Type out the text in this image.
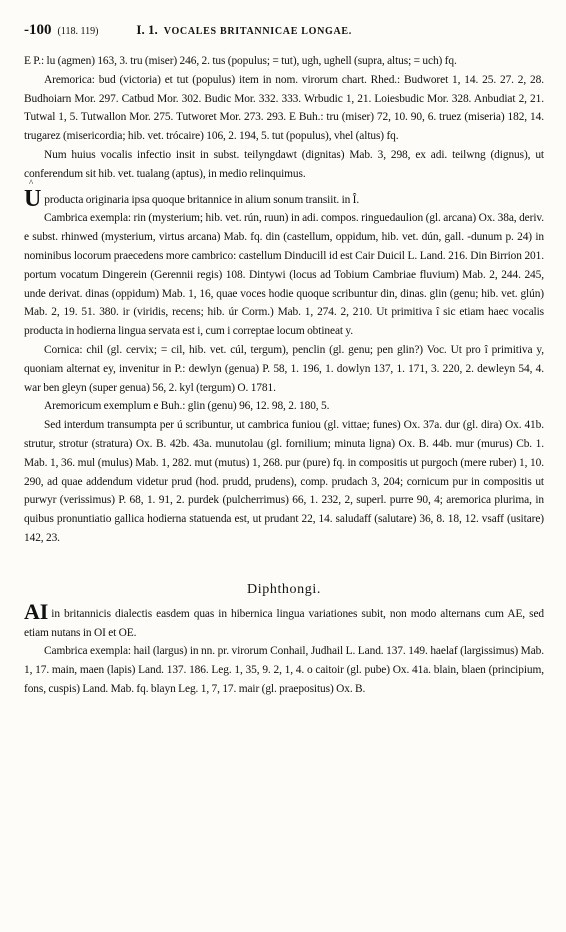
-100 (118. 119)	I. 1. VOCALES BRITANNICAE LONGAE.

E P.: lu (agmen) 163, 3. tru (miser) 246, 2. tus (populus; = tut), ugh, ughell (supra, altus; = uch) fq.

Aremorica: bud (victoria) et tut (populus) item in nom. virorum chart. Rhed.: Budworet 1, 14. 25. 27. 2, 28. Budhoiarn Mor. 297. Catbud Mor. 302. Budic Mor. 332. 333. Wrbudic 1, 21. Loiesbudic Mor. 328. Anbudiat 2, 21. Tutwal 1, 5. Tutwallon Mor. 275. Tutworet Mor. 273. 293. E Buh.: tru (miser) 72, 10. 90, 6. truez (miseria) 182, 14. trugarez (misericordia; hib. vet. trócaire) 106, 2. 194, 5. tut (populus), vhel (altus) fq.

Num huius vocalis infectio insit in subst. teilyngdawt (dignitas) Mab. 3, 298, ex adi. teilwng (dignus), ut conferendum sit hib. vet. tualang (aptus), in medio relinquimus.

^
U producta originaria ipsa quoque britannice in alium sonum transiit. in Î.

Cambrica exempla: rin (mysterium; hib. vet. rún, ruun) in adi. compos. ringuedaulion (gl. arcana) Ox. 38a, deriv. e subst. rhinwed (mysterium, virtus arcana) Mab. fq. din (castellum, oppidum, hib. vet. dún, gall. -dunum p. 24) in nominibus locorum praecedens more cambrico: castellum Dinducill id est Cair Duicil L. Land. 216. Din Birrion 201. portum vocatum Dingerein (Gerennii regis) 108. Dintywi (locus ad Tobium Cambriae fluvium) Mab. 2, 244. 245, unde derivat. dinas (oppidum) Mab. 1, 16, quae voces hodie quoque scribuntur din, dinas. glin (genu; hib. vet. glún) Mab. 2, 19. 51. 380. ir (viridis, recens; hib. úr Corm.) Mab. 1, 274. 2, 210. Ut primitiva î sic etiam haec vocalis producta in hodierna lingua servata est i, cum i correptae locum obtineat y.

Cornica: chil (gl. cervix; = cil, hib. vet. cúl, tergum), penclin (gl. genu; pen glin?) Voc. Ut pro î primitiva y, quoniam alternat ey, invenitur in P.: dewlyn (genua) P. 58, 1. 196, 1. dowlyn 137, 1. 171, 3. 220, 2. dewleyn 54, 4. war ben gleyn (super genua) 56, 2. kyl (tergum) O. 1781.

Aremoricum exemplum e Buh.: glin (genu) 96, 12. 98, 2. 180, 5.

Sed interdum transumpta per ú scribuntur, ut cambrica funiou (gl. vittae; funes) Ox. 37a. dur (gl. dira) Ox. 41b. strutur, strotur (stratura) Ox. B. 42b. 43a. munutolau (gl. fornilium; minuta ligna) Ox. B. 44b. mur (murus) Cb. 1. Mab. 1, 36. mul (mulus) Mab. 1, 282. mut (mutus) 1, 268. pur (pure) fq. in compositis ut purgoch (mere ruber) 1, 10. 290, ad quae addendum videtur prud (hod. prudd, prudens), comp. prudach 3, 204; cornicum pur in compositis ut purwyr (verissimus) P. 68, 1. 91, 2. purdek (pulcherrimus) 66, 1. 232, 2, superl. purre 90, 4; aremorica plurima, in quibus pronuntiatio gallica hodierna statuenda est, ut prudant 22, 14. saludaff (salutare) 36, 8. 18, 12. vsaff (usitare) 142, 23.

Diphthongi.

AI in britannicis dialectis easdem quas in hibernica lingua variationes subit, non modo alternans cum AE, sed etiam nutans in OI et OE.

Cambrica exempla: hail (largus) in nn. pr. virorum Conhail, Judhail L. Land. 137. 149. haelaf (largissimus) Mab. 1, 17. main, maen (lapis) Land. 137. 186. Leg. 1, 35, 9. 2, 1, 4. o caitoir (gl. pube) Ox. 41a. blain, blaen (principium, fons, cuspis) Land. Mab. fq. blayn Leg. 1, 7, 17. mair (gl. praepositus) Ox. B.
